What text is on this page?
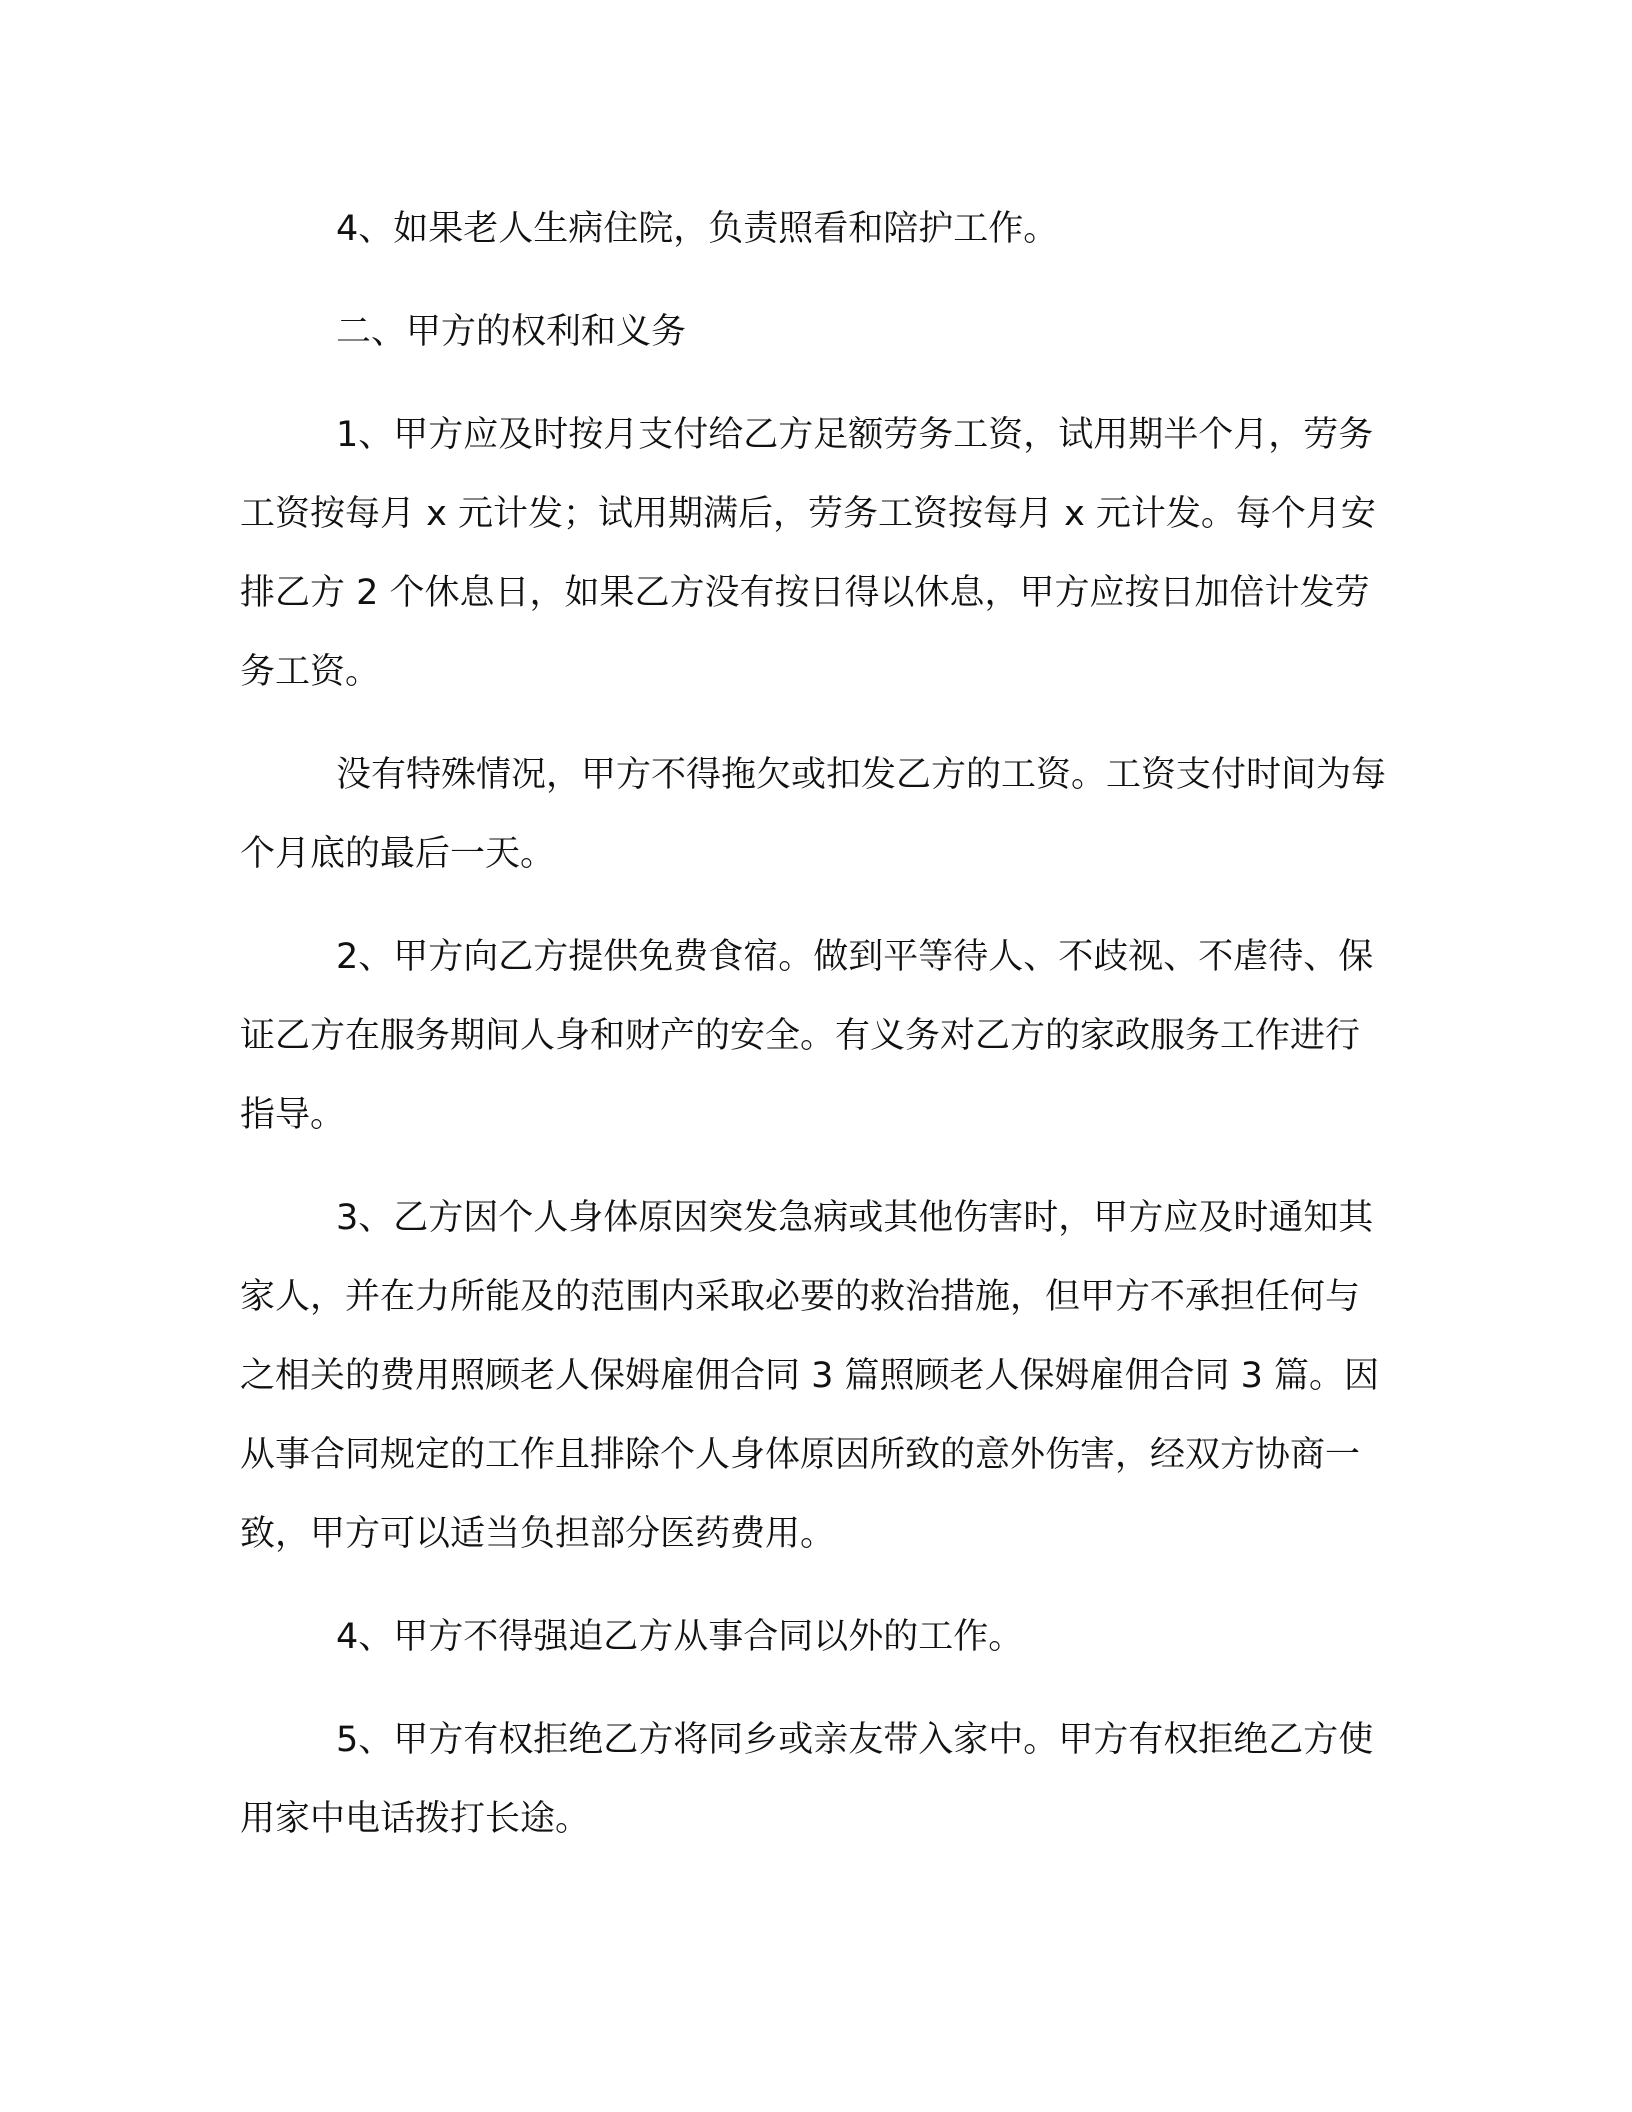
4、如果老人生病住院，负责照看和陪护工作。

二、甲方的权利和义务

1、甲方应及时按月支付给乙方足额劳务工资，试用期半个月，劳务工资按每月 x 元计发；试用期满后，劳务工资按每月 x 元计发。每个月安排乙方 2 个休息日，如果乙方没有按日得以休息，甲方应按日加倍计发劳务工资。

没有特殊情况，甲方不得拖欠或扣发乙方的工资。工资支付时间为每个月底的最后一天。

2、甲方向乙方提供免费食宿。做到平等待人、不歧视、不虐待、保证乙方在服务期间人身和财产的安全。有义务对乙方的家政服务工作进行指导。

3、乙方因个人身体原因突发急病或其他伤害时，甲方应及时通知其家人，并在力所能及的范围内采取必要的救治措施，但甲方不承担任何与之相关的费用照顾老人保姆雇佣合同 3 篇照顾老人保姆雇佣合同 3 篇。因从事合同规定的工作且排除个人身体原因所致的意外伤害，经双方协商一致，甲方可以适当负担部分医药费用。

4、甲方不得强迫乙方从事合同以外的工作。

5、甲方有权拒绝乙方将同乡或亲友带入家中。甲方有权拒绝乙方使用家中电话拨打长途。
